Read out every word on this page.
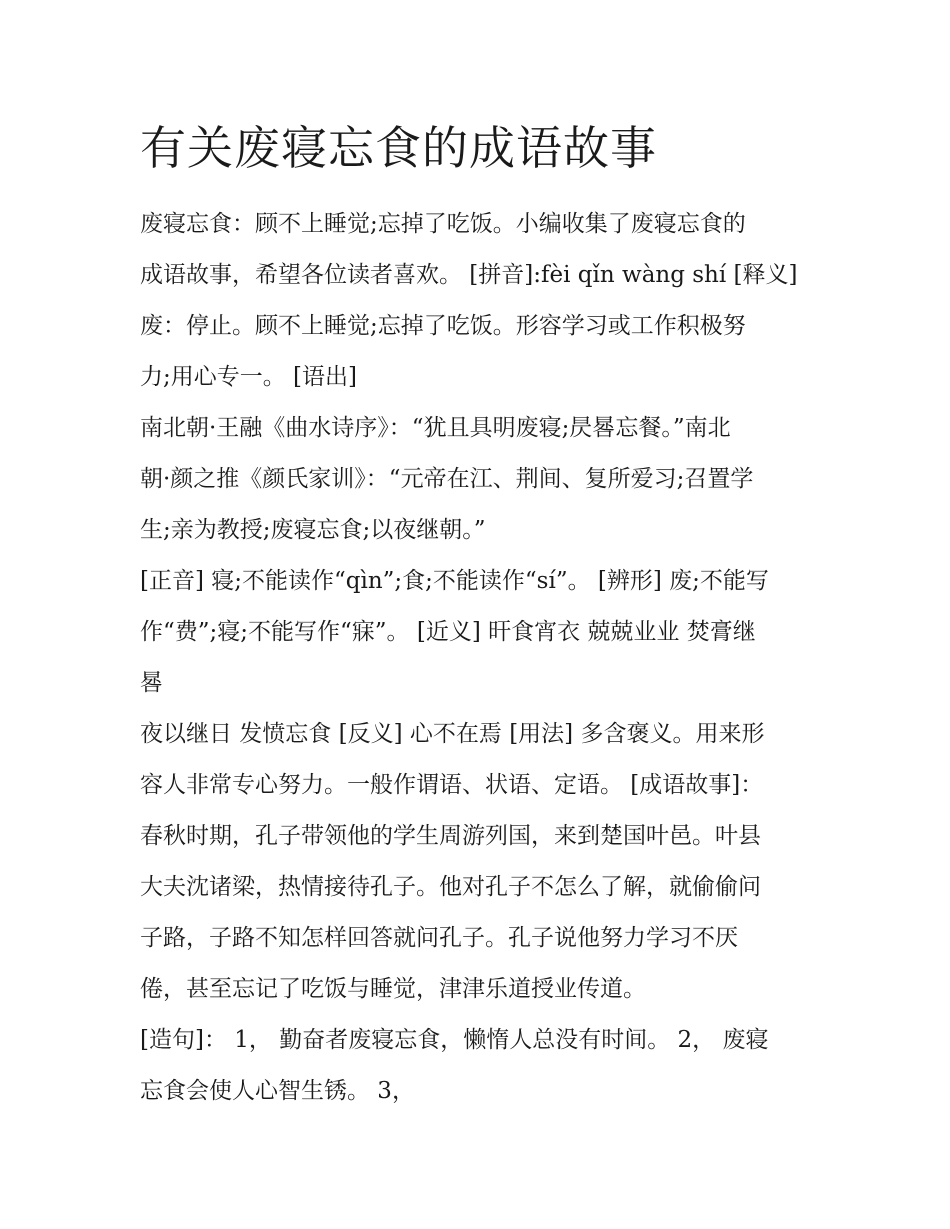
有关废寝忘食的成语故事
废寝忘食：顾不上睡觉;忘掉了吃饭。小编收集了废寝忘食的
成语故事，希望各位读者喜欢。 [拼音]:fèi qǐn wàng shí [释义]
废：停止。顾不上睡觉;忘掉了吃饭。形容学习或工作积极努
力;用心专一。 [语出]
南北朝·王融《曲水诗序》：“犹且具明废寝;昃晷忘餐。”南北
朝·颜之推《颜氏家训》：“元帝在江、荆间、复所爱习;召置学
生;亲为教授;废寝忘食;以夜继朝。”
[正音] 寝;不能读作“qìn”;食;不能读作“sí”。 [辨形] 废;不能写
作“费”;寝;不能写作“寐”。 [近义] 旰食宵衣 兢兢业业 焚膏继
晷
夜以继日 发愤忘食 [反义] 心不在焉 [用法] 多含褒义。用来形
容人非常专心努力。一般作谓语、状语、定语。 [成语故事]：
春秋时期，孔子带领他的学生周游列国，来到楚国叶邑。叶县
大夫沈诸梁，热情接待孔子。他对孔子不怎么了解，就偷偷问
子路，子路不知怎样回答就问孔子。孔子说他努力学习不厌
倦，甚至忘记了吃饭与睡觉，津津乐道授业传道。
[造句]： 1， 勤奋者废寝忘食，懒惰人总没有时间。 2， 废寝
忘食会使人心智生锈。 3，
